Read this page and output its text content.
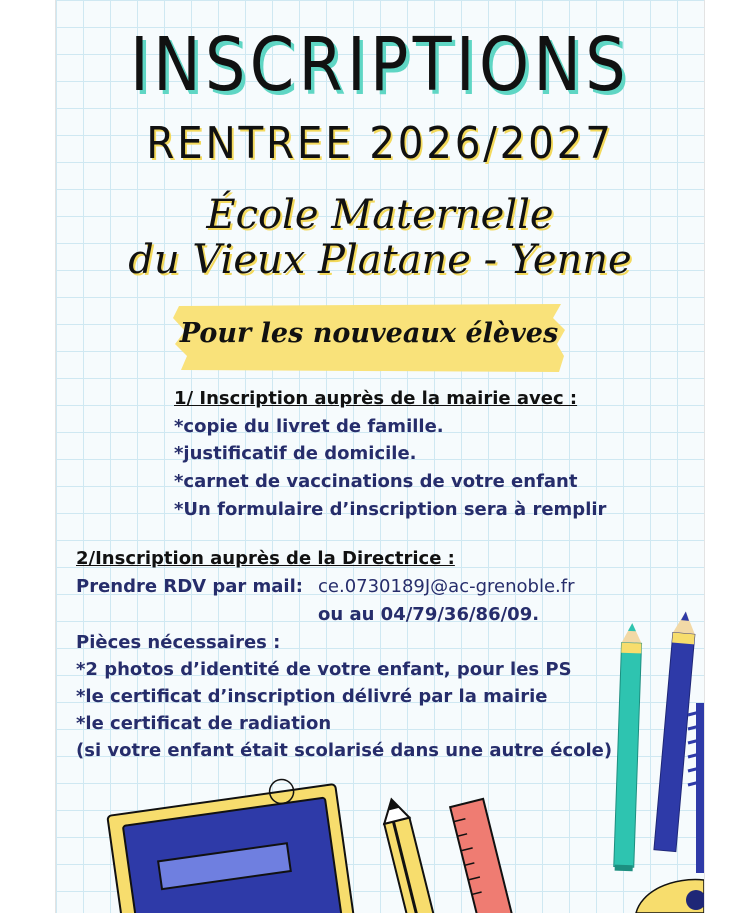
INSCRIPTIONS
RENTREE 2026/2027
École Maternelle
du Vieux Platane - Yenne
Pour les nouveaux élèves
1/ Inscription auprès de la mairie avec :
*copie du livret de famille.
*justificatif de domicile.
*carnet de vaccinations de votre enfant
*Un formulaire d’inscription sera à remplir
2/Inscription auprès de la Directrice :
Prendre RDV par mail: ce.0730189J@ac-grenoble.fr
ou au 04/79/36/86/09.
Pièces nécessaires :
*2 photos d’identité de votre enfant, pour les PS
*le certificat d’inscription délivré par la mairie
*le certificat de radiation
(si votre enfant était scolarisé dans une autre école)
